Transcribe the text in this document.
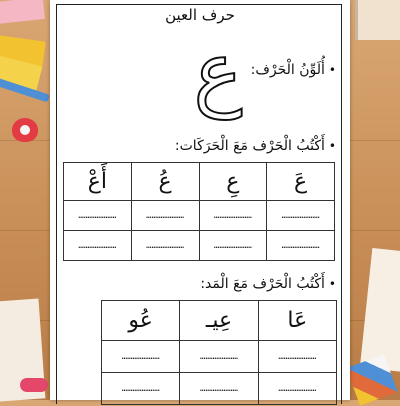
حرف العين
ع	•أُلَوِّنُ الْحَرْف:
•أَكْتُبُ الْحَرْف مَعَ الْحَرَكَات:
عَ	عِ	عُ	أَعْ
…………………	…………………	…………………	…………………
…………………	…………………	…………………	…………………
•أَكْتُبُ الْحَرْف مَعَ الْمَد:
عَا	عِيـ	عُو
…………………	…………………	…………………
…………………	…………………	…………………
